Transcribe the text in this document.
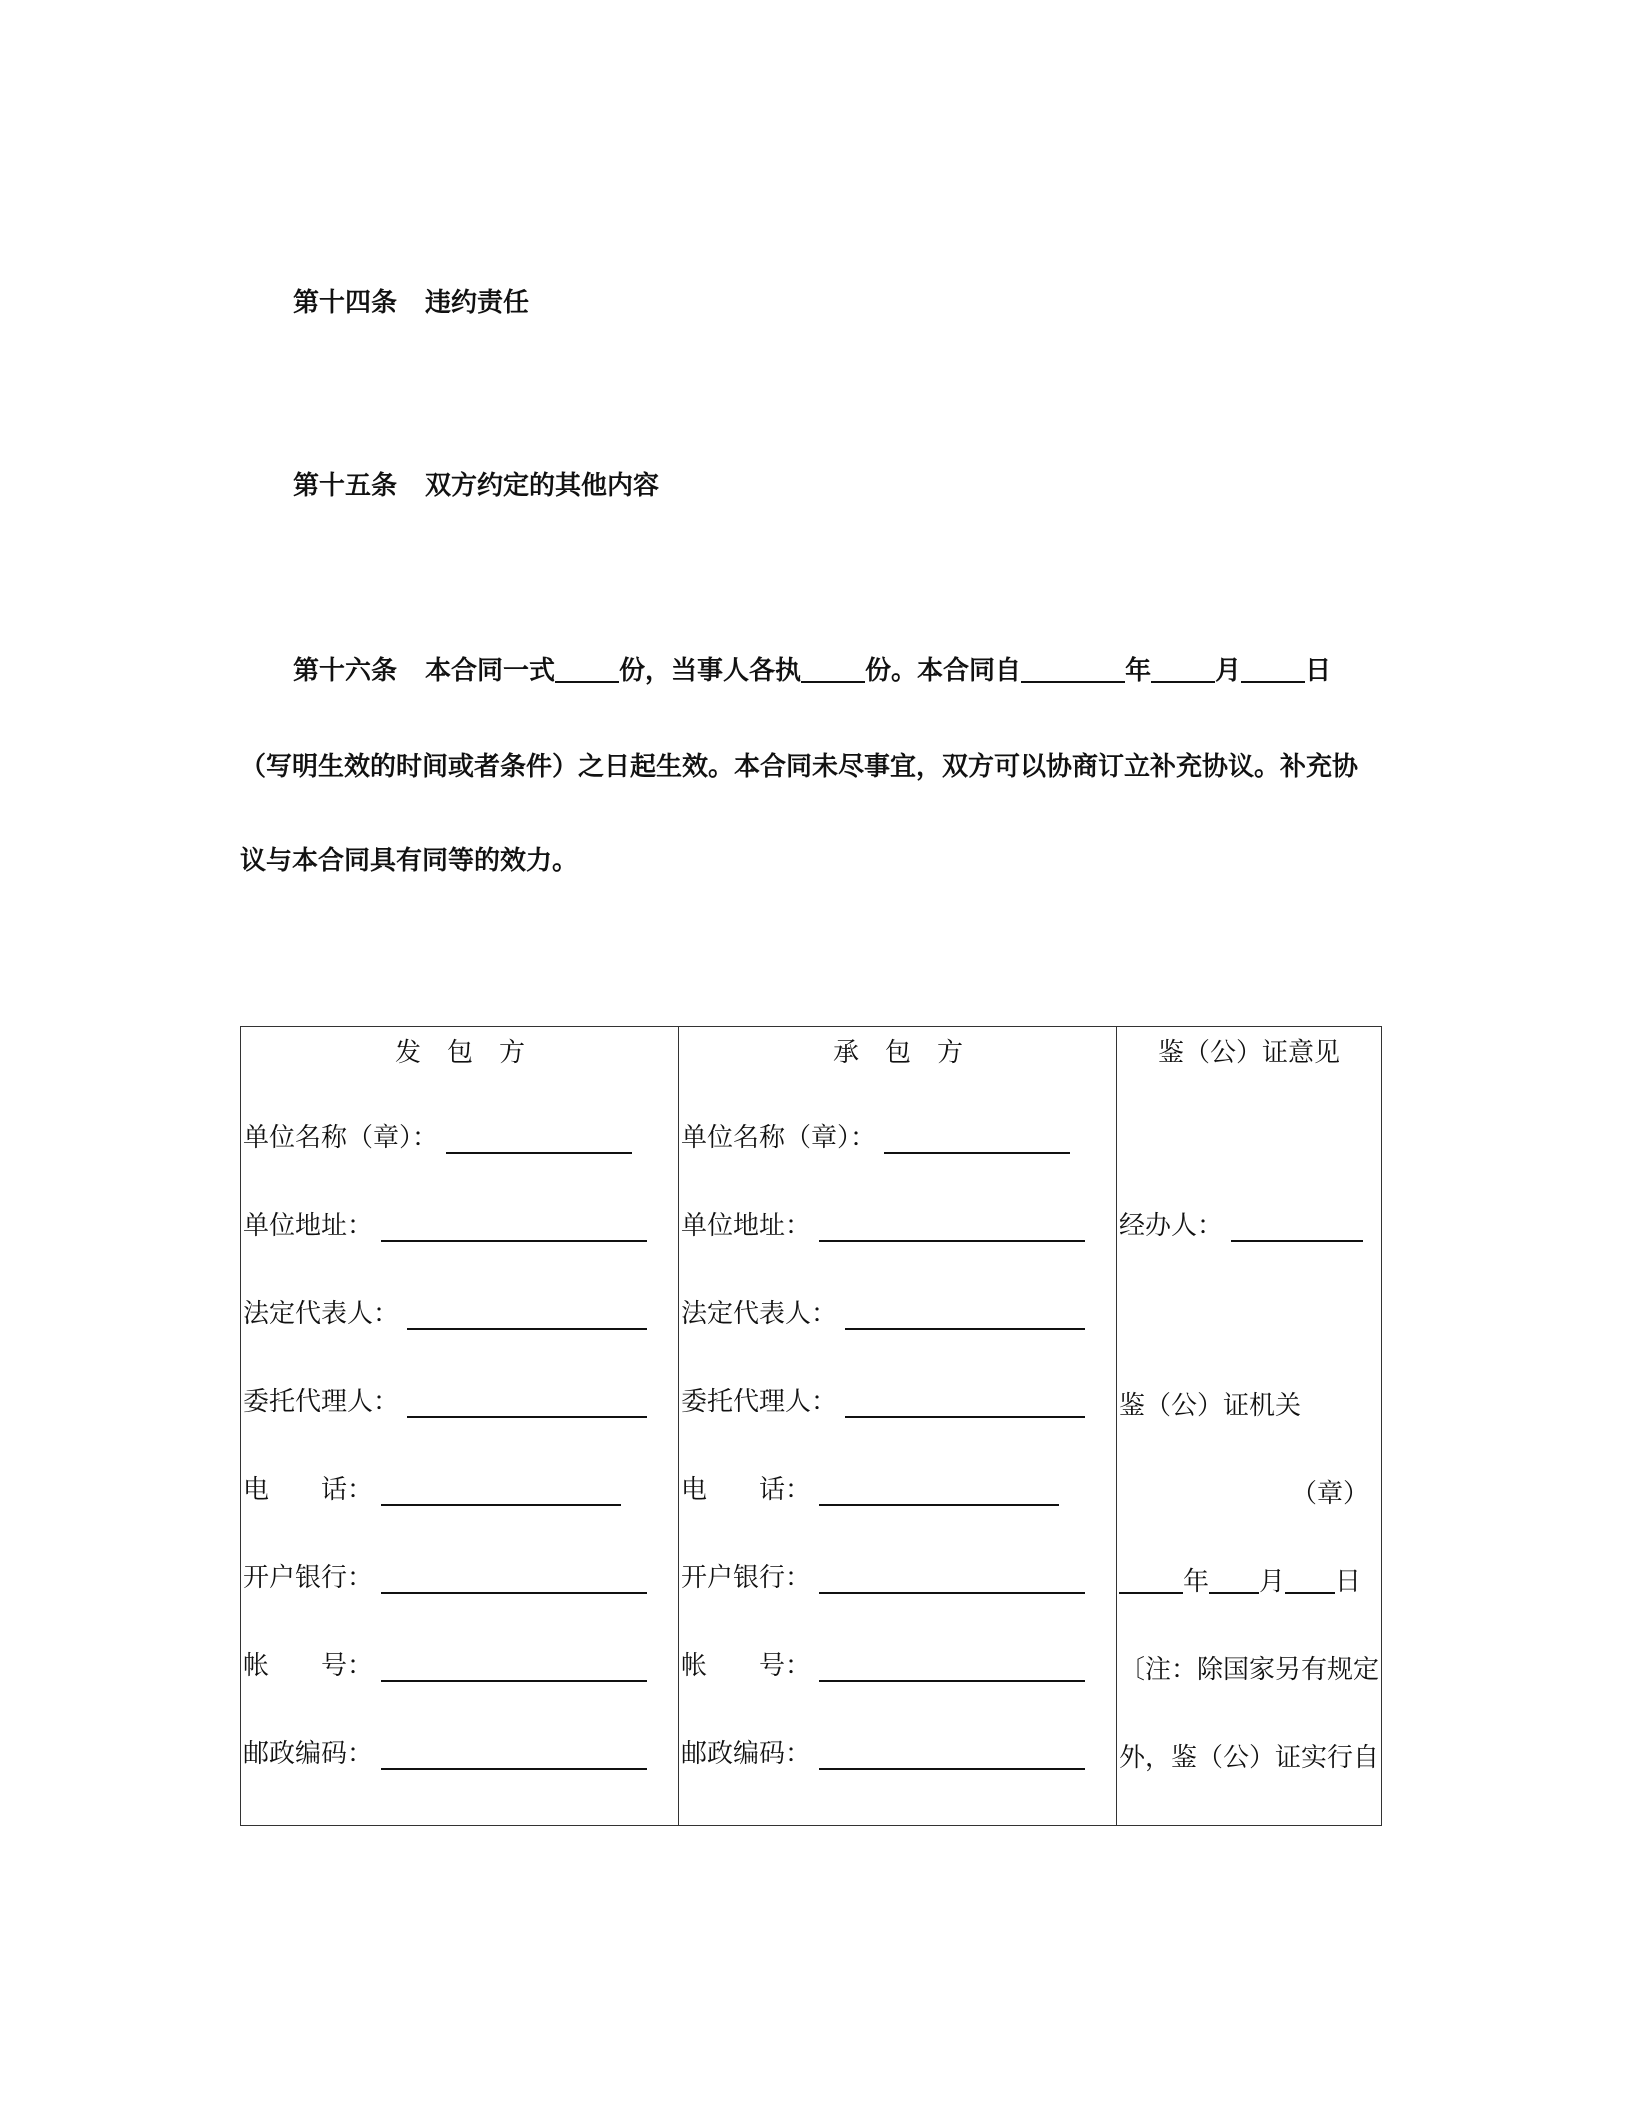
第十四条 违约责任
第十五条 双方约定的其他内容
第十六条 本合同一式 份，当事人各执 份。本合同自	年 月 日
（写明生效的时间或者条件）之日起生效。本合同未尽事宜，双方可以协商订立补充协议。补充协
议与本合同具有同等的效力。
发　包　方
单位名称（章）：
单位地址：
法定代表人：
委托代理人：
电　　话：
开户银行：
帐　　号：
邮政编码：
承　包　方
单位名称（章）：
单位地址：
法定代表人：
委托代理人：
电　　话：
开户银行：
帐　　号：
邮政编码：
鉴（公）证意见
经办人：
鉴（公）证机关
（章）
年 月 日
〔注：除国家另有规定
外，鉴（公）证实行自
